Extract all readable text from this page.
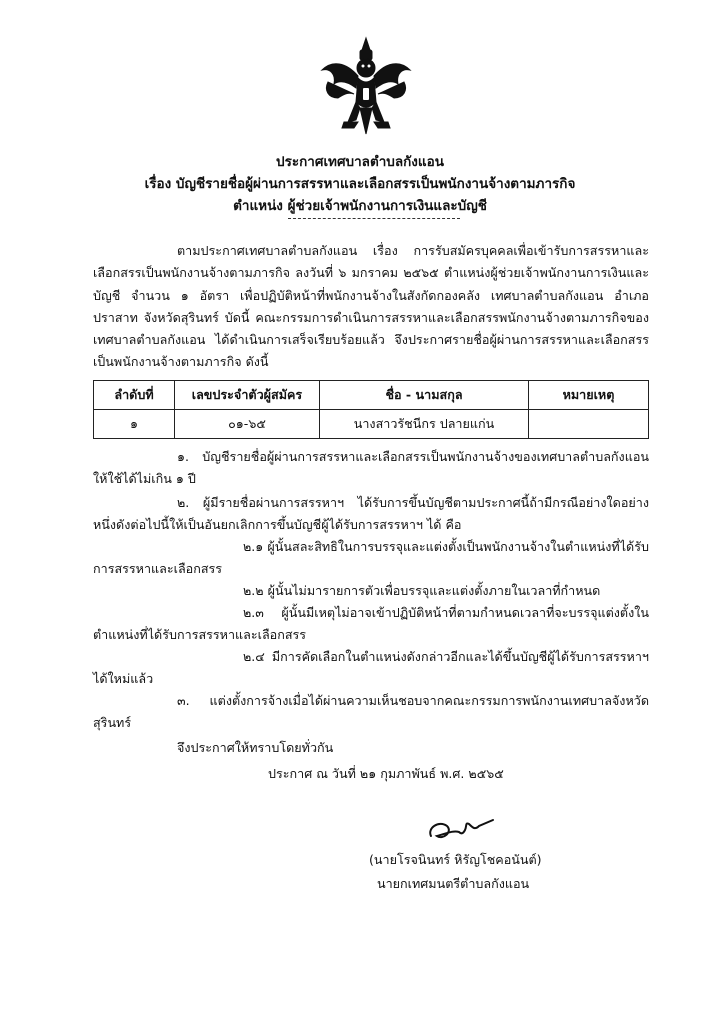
ประกาศเทศบาลตำบลกังแอน
เรื่อง บัญชีรายชื่อผู้ผ่านการสรรหาและเลือกสรรเป็นพนักงานจ้างตามภารกิจ
ตำแหน่ง ผู้ช่วยเจ้าพนักงานการเงินและบัญชี
ตามประกาศเทศบาลตำบลกังแอน เรื่อง การรับสมัครบุคคลเพื่อเข้ารับการสรรหาและเลือกสรรเป็นพนักงานจ้างตามภารกิจ ลงวันที่ ๖ มกราคม ๒๕๖๕ ตำแหน่งผู้ช่วยเจ้าพนักงานการเงินและบัญชี จำนวน ๑ อัตรา เพื่อปฏิบัติหน้าที่พนักงานจ้างในสังกัดกองคลัง เทศบาลตำบลกังแอน อำเภอปราสาท จังหวัดสุรินทร์ บัดนี้ คณะกรรมการดำเนินการสรรหาและเลือกสรรพนักงานจ้างตามภารกิจของเทศบาลตำบลกังแอน ได้ดำเนินการเสร็จเรียบร้อยแล้ว จึงประกาศรายชื่อผู้ผ่านการสรรหาและเลือกสรรเป็นพนักงานจ้างตามภารกิจ ดังนี้
ลำดับที่	เลขประจำตัวผู้สมัคร	ชื่อ - นามสกุล	หมายเหตุ
๑	๐๑-๖๕	นางสาวรัชนีกร ปลายแก่น	
๑. บัญชีรายชื่อผู้ผ่านการสรรหาและเลือกสรรเป็นพนักงานจ้างของเทศบาลตำบลกังแอนให้ใช้ได้ไม่เกิน ๑ ปี
๒. ผู้มีรายชื่อผ่านการสรรหาฯ ได้รับการขึ้นบัญชีตามประกาศนี้ถ้ามีกรณีอย่างใดอย่างหนึ่งดังต่อไปนี้ให้เป็นอันยกเลิกการขึ้นบัญชีผู้ได้รับการสรรหาฯ ได้ คือ
๒.๑ ผู้นั้นสละสิทธิในการบรรจุและแต่งตั้งเป็นพนักงานจ้างในตำแหน่งที่ได้รับการสรรหาและเลือกสรร
๒.๒ ผู้นั้นไม่มารายการตัวเพื่อบรรจุและแต่งตั้งภายในเวลาที่กำหนด
๒.๓ ผู้นั้นมีเหตุไม่อาจเข้าปฏิบัติหน้าที่ตามกำหนดเวลาที่จะบรรจุแต่งตั้งในตำแหน่งที่ได้รับการสรรหาและเลือกสรร
๒.๔ มีการคัดเลือกในตำแหน่งดังกล่าวอีกและได้ขึ้นบัญชีผู้ได้รับการสรรหาฯ ได้ใหม่แล้ว
๓. แต่งตั้งการจ้างเมื่อได้ผ่านความเห็นชอบจากคณะกรรมการพนักงานเทศบาลจังหวัดสุรินทร์
จึงประกาศให้ทราบโดยทั่วกัน
ประกาศ ณ วันที่ ๒๑ กุมภาพันธ์ พ.ศ. ๒๕๖๕
(นายโรจนินทร์ หิรัญโชคอนันต์)
นายกเทศมนตรีตำบลกังแอน
